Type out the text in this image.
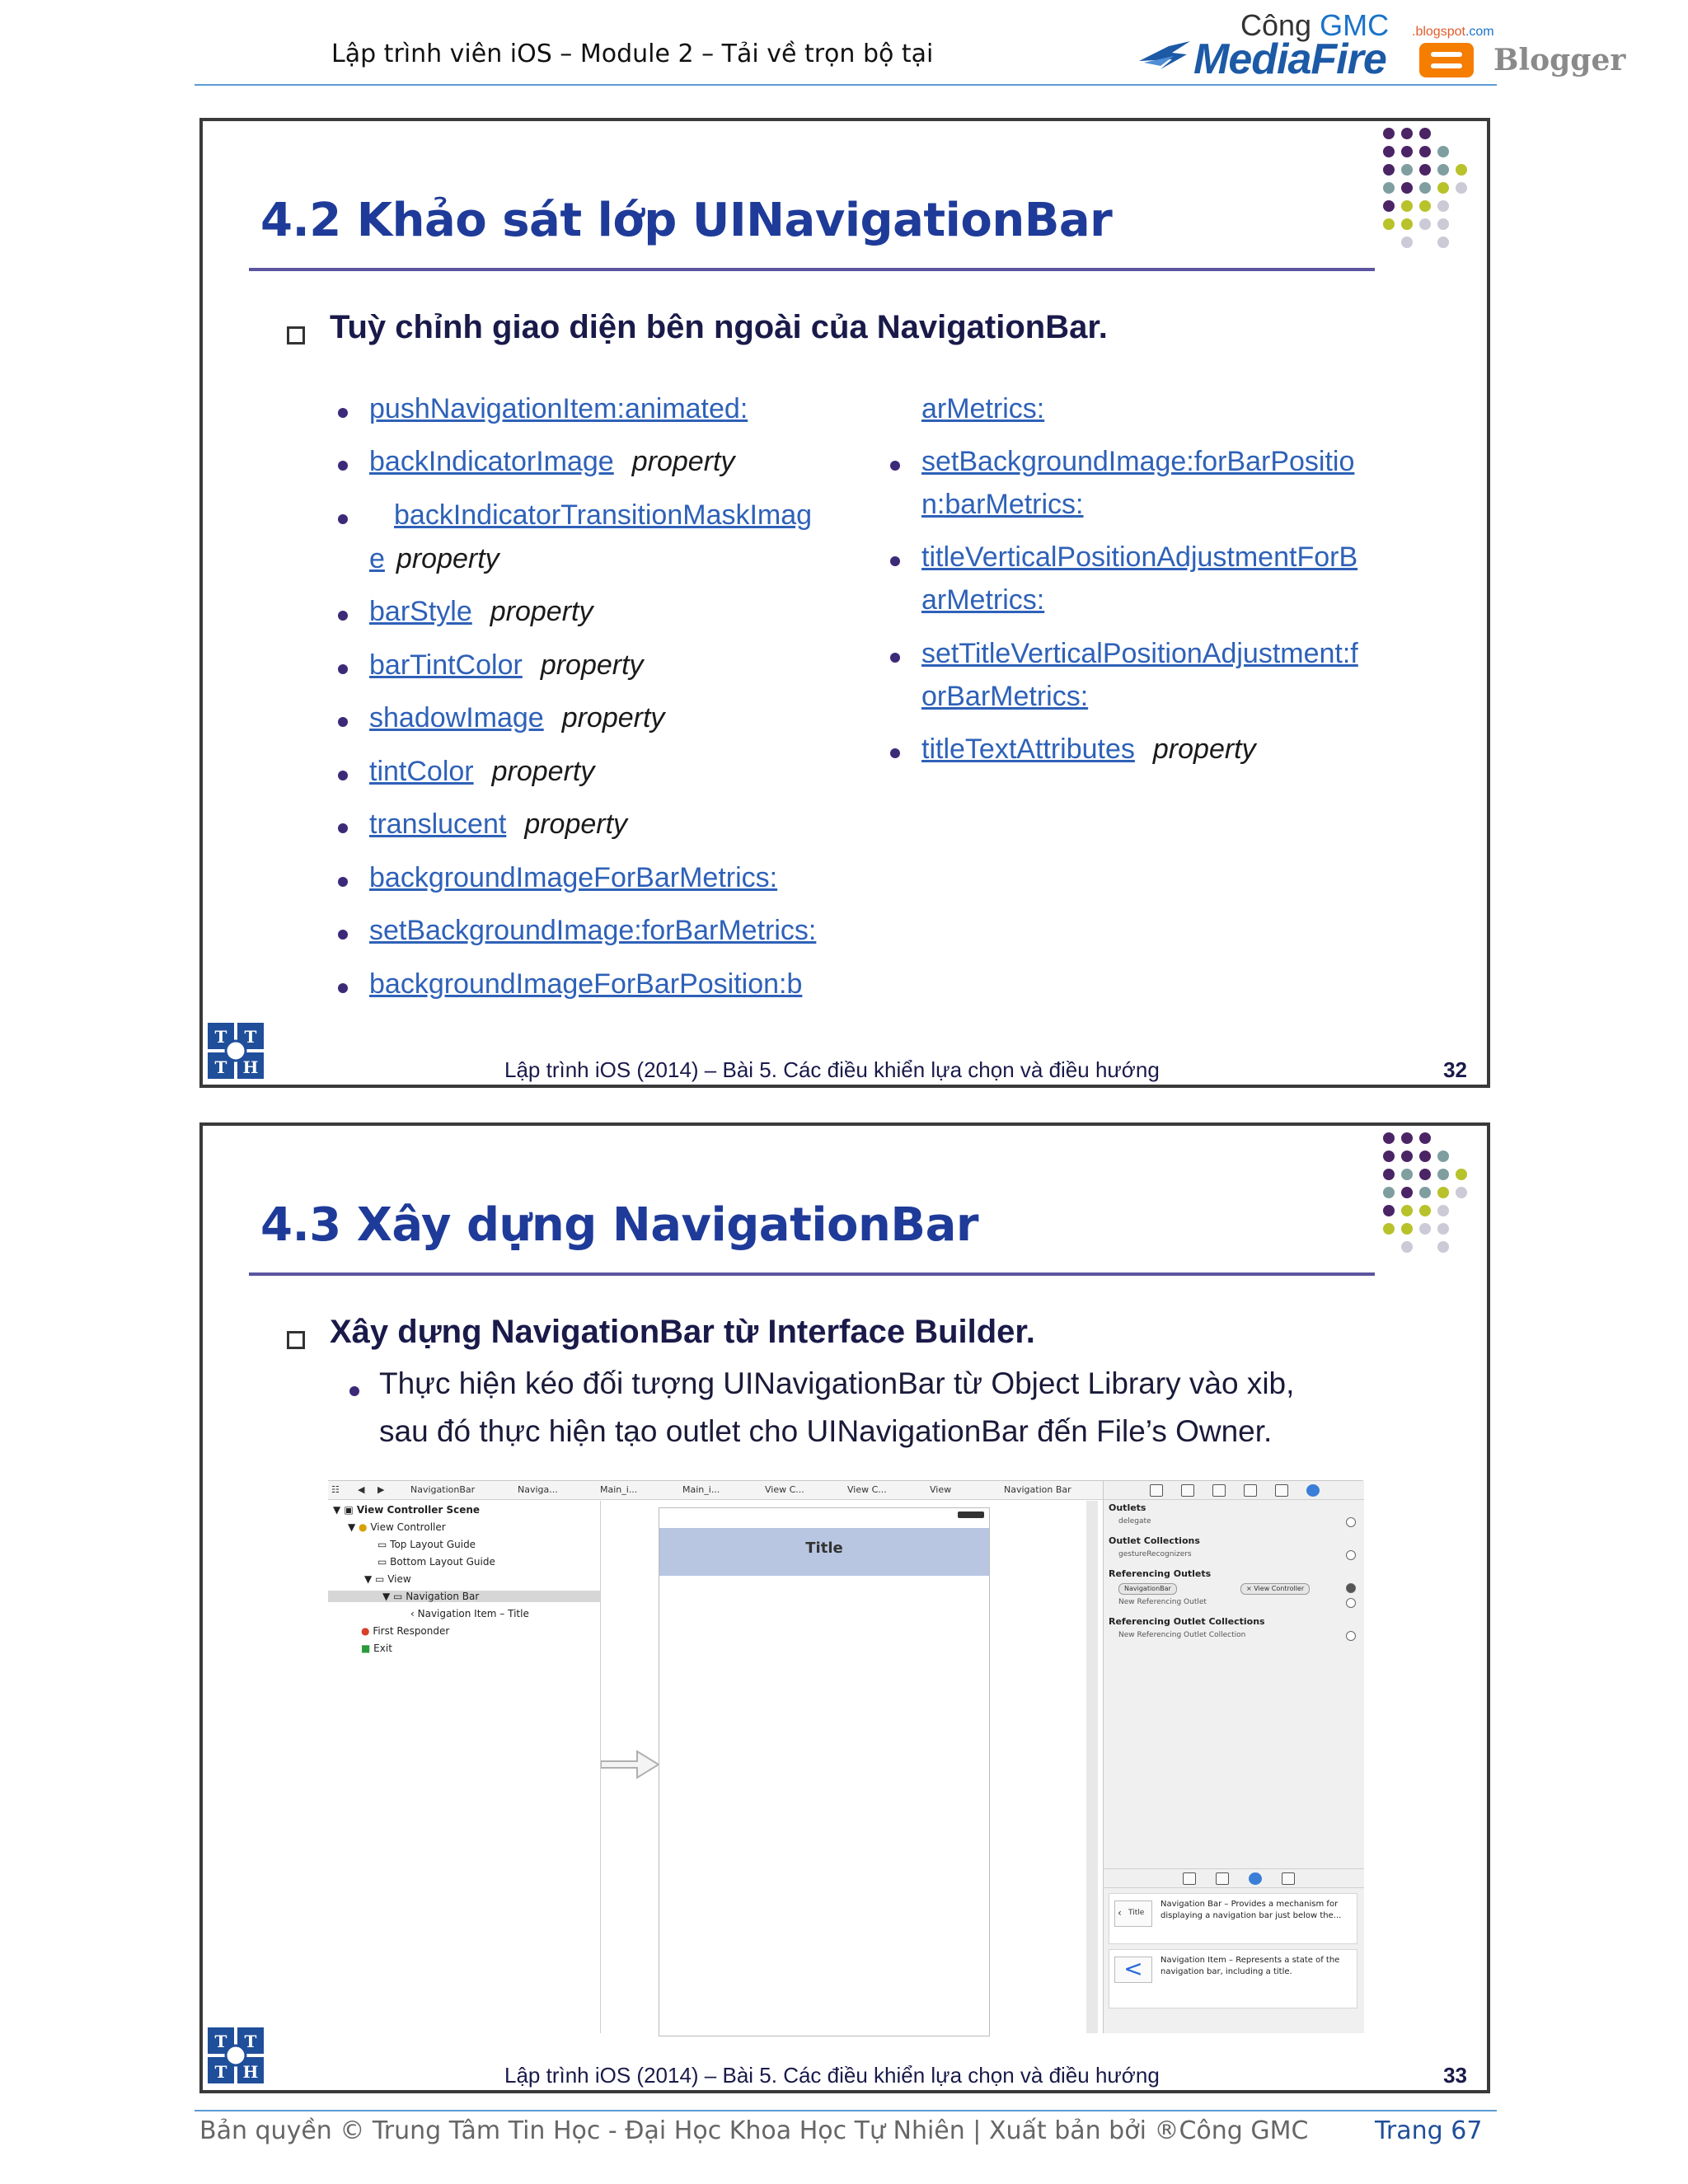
Lập trình viên iOS – Module 2 – Tải về trọn bộ tại
Công GMC .blogspot.com
MediaFire	Blogger
4.2 Khảo sát lớp UINavigationBar
Tuỳ chỉnh giao diện bên ngoài của NavigationBar.
pushNavigationItem:animated:
backIndicatorImage property
backIndicatorTransitionMaskImag
e property
barStyle property
barTintColor property
shadowImage property
tintColor property
translucent property
backgroundImageForBarMetrics:
setBackgroundImage:forBarMetrics:
backgroundImageForBarPosition:b
arMetrics:
setBackgroundImage:forBarPositio
n:barMetrics:
titleVerticalPositionAdjustmentForB
arMetrics:
setTitleVerticalPositionAdjustment:f
orBarMetrics:
titleTextAttributes property
T T
T H	Lập trình iOS (2014) – Bài 5. Các điều khiển lựa chọn và điều hướng	32
4.3 Xây dựng NavigationBar
Xây dựng NavigationBar từ Interface Builder.
Thực hiện kéo đối tượng UINavigationBar từ Object Library vào xib,
sau đó thực hiện tạo outlet cho UINavigationBar đến File’s Owner.
☷ ◀ ▶	NavigationBar	Naviga...	Main_i...	Main_i...	View C...	View C...	View	Navigation Bar
▼ ▣ View Controller Scene
▼ ● View Controller
▭ Top Layout Guide
▭ Bottom Layout Guide
▼ ▭ View
▼ ▭ Navigation Bar
‹ Navigation Item – Title
● First Responder
■ Exit
Title
Outlets
delegate
Outlet Collections
gestureRecognizers
Referencing Outlets
NavigationBar	× View Controller
New Referencing Outlet
Referencing Outlet Collections
New Referencing Outlet Collection
‹ Title
Navigation Bar – Provides a mechanism for displaying a navigation bar just below the...
<	Navigation Item – Represents a state of the navigation bar, including a title.
T T
T H	Lập trình iOS (2014) – Bài 5. Các điều khiển lựa chọn và điều hướng	33
Bản quyền © Trung Tâm Tin Học - Đại Học Khoa Học Tự Nhiên | Xuất bản bởi ®Công GMC	Trang 67
